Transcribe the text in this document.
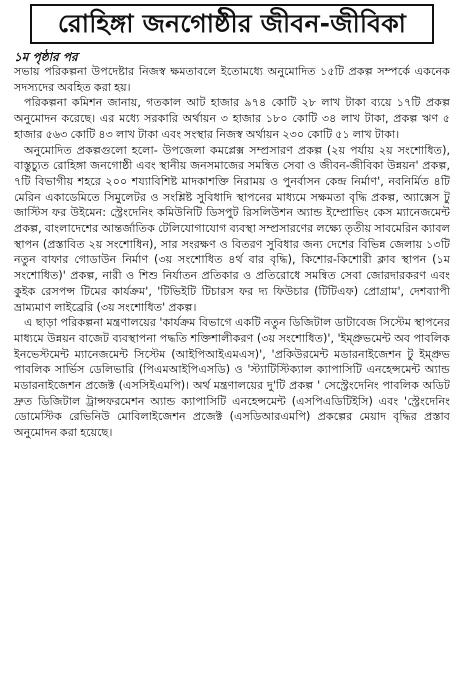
রোহিঙ্গা জনগোষ্ঠীর জীবন-জীবিকা
১ম পৃষ্ঠার পর

সভায় পরিকল্পনা উপদেষ্টার নিজস্ব ক্ষমতাবলে ইতোমধ্যে অনুমোদিত ১৫টি প্রকল্প সম্পর্কে একনেক সদস্যদের অবহিত করা হয়।

পরিকল্পনা কমিশন জানায়, গতকাল আট হাজার ৯৭৪ কোটি ২৮ লাখ টাকা ব্যয়ে ১৭টি প্রকল্প অনুমোদন করেছে। এর মধ্যে সরকারি অর্থায়ন ৩ হাজার ১৮০ কোটি ৩৪ লাখ টাকা, প্রকল্প ঋণ ৫ হাজার ৫৬৩ কোটি ৪৩ লাখ টাকা এবং সংস্থার নিজস্ব অর্থায়ন ২৩০ কোটি ৫১ লাখ টাকা।

অনুমোদিত প্রকল্পগুলো হলো- উপজেলা কমপ্লেক্স সম্প্রসারণ প্রকল্প (২য় পর্যায় ২য় সংশোধিত), বাস্তুচ্যুত রোহিঙ্গা জনগোষ্ঠী এবং স্থানীয় জনসমাজের সমন্বিত সেবা ও জীবন-জীবিকা উন্নয়ন' প্রকল্প, ৭টি বিভাগীয় শহরে ২০০ শয্যাবিশিষ্ট মাদকাশক্তি নিরাময় ও পুনর্বাসন কেন্দ্র নির্মাণ', নবনির্মিত ৪টি মেরিন একাডেমিতে সিমুলেটর ও সংশ্লিষ্ট সুবিধাদি স্থাপনের মাধ্যমে সক্ষমতা বৃদ্ধি প্রকল্প, অ্যাক্সেস টু জাস্টিস ফর উইমেন: স্ট্রেংদেনিং কমিউনিটি ডিসপুট রিসলিউশন অ্যান্ড ইম্প্রোভিং কেস ম্যানেজমেন্ট প্রকল্প, বাংলাদেশের আন্তর্জাতিক টেলিযোগাযোগ ব্যবস্থা সম্প্রসারণের লক্ষ্যে তৃতীয় সাবমেরিন ক্যাবল স্থাপন (প্রস্তাবিত ২য় সংশোধিন), সার সংরক্ষণ ও বিতরণ সুবিধার জন্য দেশের বিভিন্ন জেলায় ১৩টি নতুন বাফার গোডাউন নির্মাণ (৩য় সংশোধিত ৪র্থ বার বৃদ্ধি), কিশোর-কিশোরী ক্লাব স্থাপন (১ম সংশোধিত)' প্রকল্প, নারী ও শিশু নির্যাতন প্রতিকার ও প্রতিরোধে সমন্বিত সেবা জোরদারকরণ এবং কুইক রেসপন্স টিমের কার্যক্রম', 'টিভিইটি টিচারস ফর দ্য ফিউচার (টিটিএফ) প্রোগ্রাম', দেশব্যাপী ভ্রাম্যমাণ লাইব্রেরি (৩য় সংশোধিত' প্রকল্প।

এ ছাড়া পরিকল্পনা মন্ত্রণালয়ের 'কার্যক্রম বিভাগে একটি নতুন ডিজিটাল ডাটাবেজ সিস্টেম স্থাপনের মাধ্যমে উন্নয়ন বাজেট ব্যবস্থাপনা পদ্ধতি শক্তিশালীকরণ (৩য় সংশোধিত)', 'ইম্প্রুভমেন্ট অব পাবলিক ইনভেস্টমেন্ট ম্যানেজমেন্ট সিস্টেম (আইপিআইএমএস)', 'প্রকিউরমেন্ট মডারনাইজেশন টু ইম্প্রুভ পাবলিক সার্ভিস ডেলিভারি (পিএমআইপিএসডি) ও 'স্ট্যাটিস্টিক্যাল ক্যাপাসিটি এনহেন্সমেন্ট অ্যান্ড মডারনাইজেশন প্রজেক্ট (এসসিইএমপি)। অর্থ মন্ত্রণালয়ের দু'টি প্রকল্প ' সেস্ট্রেংদেনিং পাবলিক অডিট দ্রুত ডিজিটাল ট্রান্সফরমেশন অ্যান্ড ক্যাপাসিটি এনহেন্সমেন্ট (এসপিএডিটিইসি) এবং 'স্ট্রেংদেনিং ডোমেস্টিক রেভিনিউ মোবিলাইজেশন প্রজেক্ট (এসডিআরএমপি) প্রকল্পের মেয়াদ বৃদ্ধির প্রস্তাব অনুমোদন করা হয়েছে।
